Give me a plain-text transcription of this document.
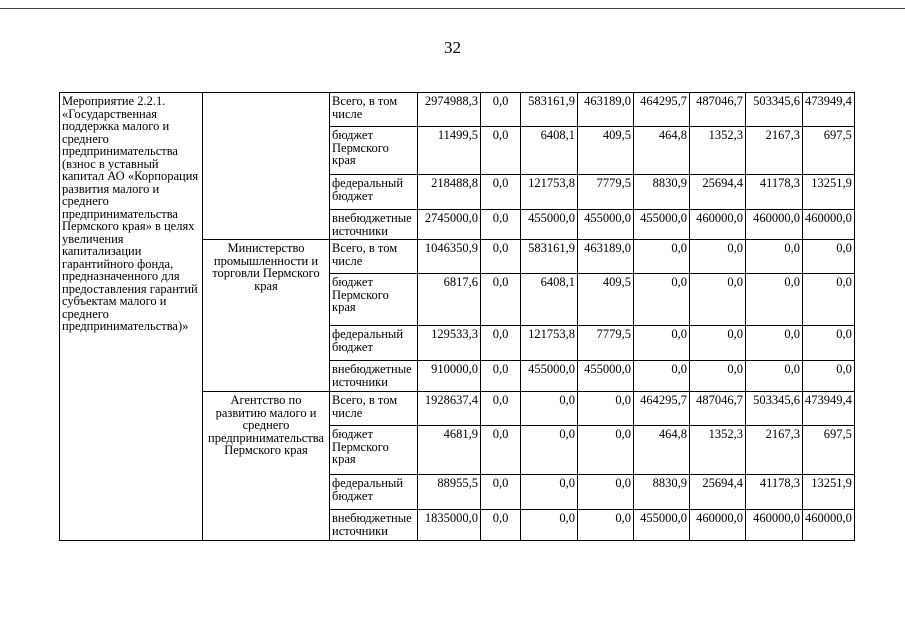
32
Мероприятие 2.2.1. «Государственная поддержка малого и среднего предпринимательства (взнос в уставный капитал АО «Корпорация развития малого и среднего предпринимательства Пермского края» в целях увеличения капитализации гарантийного фонда, предназначенного для предоставления гарантий субъектам малого и среднего предпринимательства)»		Всего, в том числе	2974988,3	0,0	583161,9	463189,0	464295,7	487046,7	503345,6	473949,4
		бюджет Пермского края	11499,5	0,0	6408,1	409,5	464,8	1352,3	2167,3	697,5
		федеральный бюджет	218488,8	0,0	121753,8	7779,5	8830,9	25694,4	41178,3	13251,9
		внебюджетные источники	2745000,0	0,0	455000,0	455000,0	455000,0	460000,0	460000,0	460000,0
	Министерство промышленности и торговли Пермского края	Всего, в том числе	1046350,9	0,0	583161,9	463189,0	0,0	0,0	0,0	0,0
		бюджет Пермского края	6817,6	0,0	6408,1	409,5	0,0	0,0	0,0	0,0
		федеральный бюджет	129533,3	0,0	121753,8	7779,5	0,0	0,0	0,0	0,0
		внебюджетные источники	910000,0	0,0	455000,0	455000,0	0,0	0,0	0,0	0,0
	Агентство по развитию малого и среднего предпринимательства Пермского края	Всего, в том числе	1928637,4	0,0	0,0	0,0	464295,7	487046,7	503345,6	473949,4
		бюджет Пермского края	4681,9	0,0	0,0	0,0	464,8	1352,3	2167,3	697,5
		федеральный бюджет	88955,5	0,0	0,0	0,0	8830,9	25694,4	41178,3	13251,9
		внебюджетные источники	1835000,0	0,0	0,0	0,0	455000,0	460000,0	460000,0	460000,0
